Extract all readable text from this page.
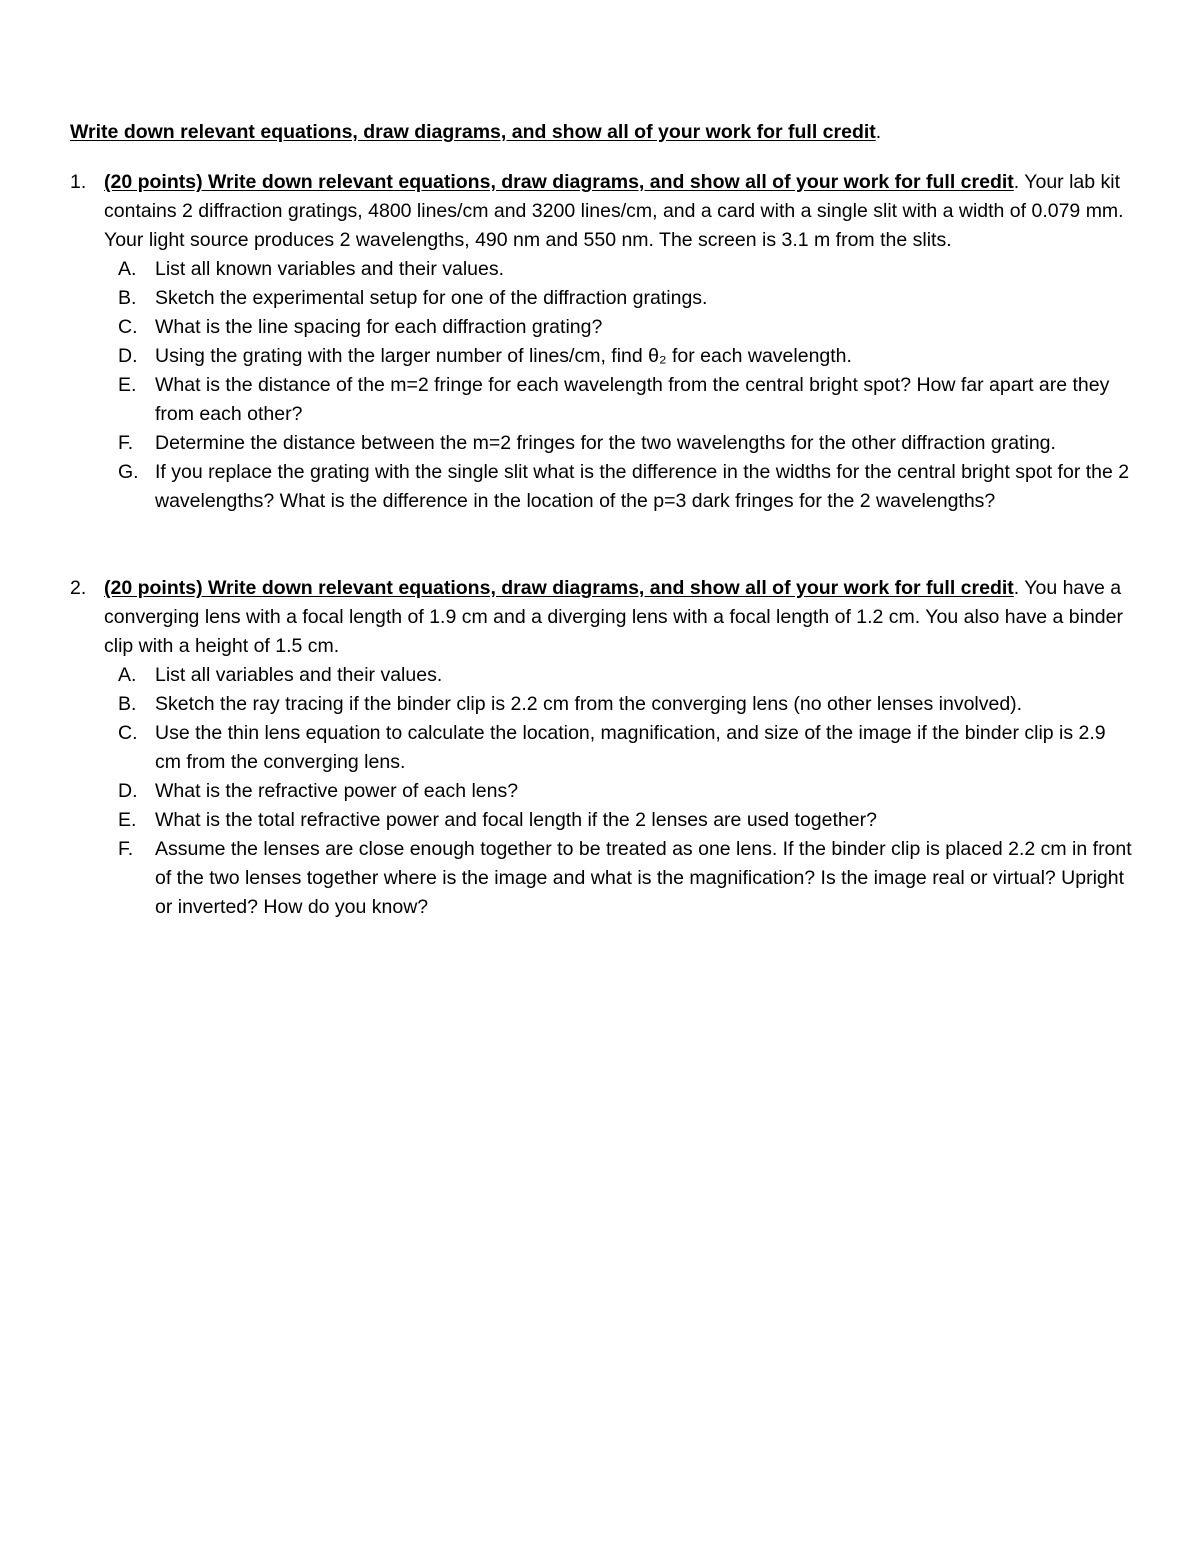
Write down relevant equations, draw diagrams, and show all of your work for full credit.

1. (20 points) Write down relevant equations, draw diagrams, and show all of your work for full credit. Your lab kit contains 2 diffraction gratings, 4800 lines/cm and 3200 lines/cm, and a card with a single slit with a width of 0.079 mm. Your light source produces 2 wavelengths, 490 nm and 550 nm. The screen is 3.1 m from the slits.

A. List all known variables and their values.
B. Sketch the experimental setup for one of the diffraction gratings.
C. What is the line spacing for each diffraction grating?
D. Using the grating with the larger number of lines/cm, find θ₂ for each wavelength.
E. What is the distance of the m=2 fringe for each wavelength from the central bright spot? How far apart are they from each other?
F.	Determine the distance between the m=2 fringes for the two wavelengths for the other diffraction grating.
G. If you replace the grating with the single slit what is the difference in the widths for the central bright spot for the 2 wavelengths? What is the difference in the location of the p=3 dark fringes for the 2 wavelengths?
2. (20 points) Write down relevant equations, draw diagrams, and show all of your work for full credit. You have a converging lens with a focal length of 1.9 cm and a diverging lens with a focal length of 1.2 cm. You also have a binder clip with a height of 1.5 cm.

A. List all variables and their values.
B. Sketch the ray tracing if the binder clip is 2.2 cm from the converging lens (no other lenses involved).
C. Use the thin lens equation to calculate the location, magnification, and size of the image if the binder clip is 2.9 cm from the converging lens.
D. What is the refractive power of each lens?
E. What is the total refractive power and focal length if the 2 lenses are used together?
F.	Assume the lenses are close enough together to be treated as one lens. If the binder clip is placed 2.2 cm in front of the two lenses together where is the image and what is the magnification? Is the image real or virtual? Upright or inverted? How do you know?
